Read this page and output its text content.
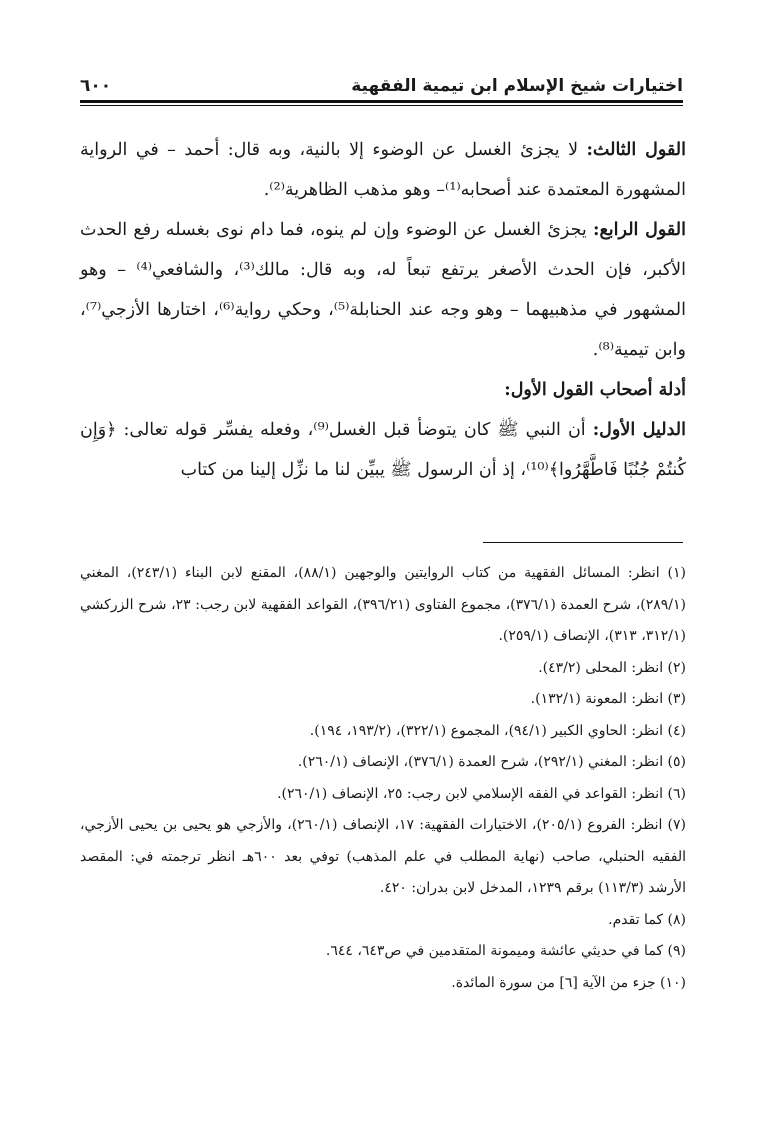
اختيارات شيخ الإسلام ابن تيمية الفقهية
٦٠٠

القول الثالث: لا يجزئ الغسل عن الوضوء إلا بالنية، وبه قال: أحمد – في الرواية المشهورة المعتمدة عند أصحابه⁽¹⁾– وهو مذهب الظاهرية⁽²⁾.

القول الرابع: يجزئ الغسل عن الوضوء وإن لم ينوه، فما دام نوى بغسله رفع الحدث الأكبر، فإن الحدث الأصغر يرتفع تبعاً له، وبه قال: مالك⁽³⁾، والشافعي⁽⁴⁾ – وهو المشهور في مذهبيهما – وهو وجه عند الحنابلة⁽⁵⁾، وحكي رواية⁽⁶⁾، اختارها الأزجي⁽⁷⁾، وابن تيمية⁽⁸⁾.

أدلة أصحاب القول الأول:

الدليل الأول: أن النبي ﷺ كان يتوضأ قبل الغسل⁽⁹⁾، وفعله يفسِّر قوله تعالى: ﴿وَإِن كُنتُمْ جُنُبًا فَاطَّهَّرُوا﴾⁽¹⁰⁾، إذ أن الرسول ﷺ يبيِّن لنا ما نزِّل إلينا من كتاب

(١) انظر: المسائل الفقهية من كتاب الروايتين والوجهين (٨٨/١)، المقنع لابن البناء (٢٤٣/١)، المغني (٢٨٩/١)، شرح العمدة (٣٧٦/١)، مجموع الفتاوى (٣٩٦/٢١)، القواعد الفقهية لابن رجب: ٢٣، شرح الزركشي (٣١٢/١، ٣١٣)، الإنصاف (٢٥٩/١).

(٢) انظر: المحلى (٤٣/٢).

(٣) انظر: المعونة (١٣٢/١).

(٤) انظر: الحاوي الكبير (٩٤/١)، المجموع (٣٢٢/١)، (١٩٣/٢، ١٩٤).

(٥) انظر: المغني (٢٩٢/١)، شرح العمدة (٣٧٦/١)، الإنصاف (٢٦٠/١).

(٦) انظر: القواعد في الفقه الإسلامي لابن رجب: ٢٥، الإنصاف (٢٦٠/١).

(٧) انظر: الفروع (٢٠٥/١)، الاختيارات الفقهية: ١٧، الإنصاف (٢٦٠/١)، والأزجي هو يحيى بن يحيى الأزجي، الفقيه الحنبلي، صاحب (نهاية المطلب في علم المذهب) توفي بعد ٦٠٠هـ انظر ترجمته في: المقصد الأرشد (١١٣/٣) برقم ١٢٣٩، المدخل لابن بدران: ٤٢٠.

(٨) كما تقدم.

(٩) كما في حديثي عائشة وميمونة المتقدمين في ص٦٤٣، ٦٤٤.

(١٠) جزء من الآية [٦] من سورة المائدة.
